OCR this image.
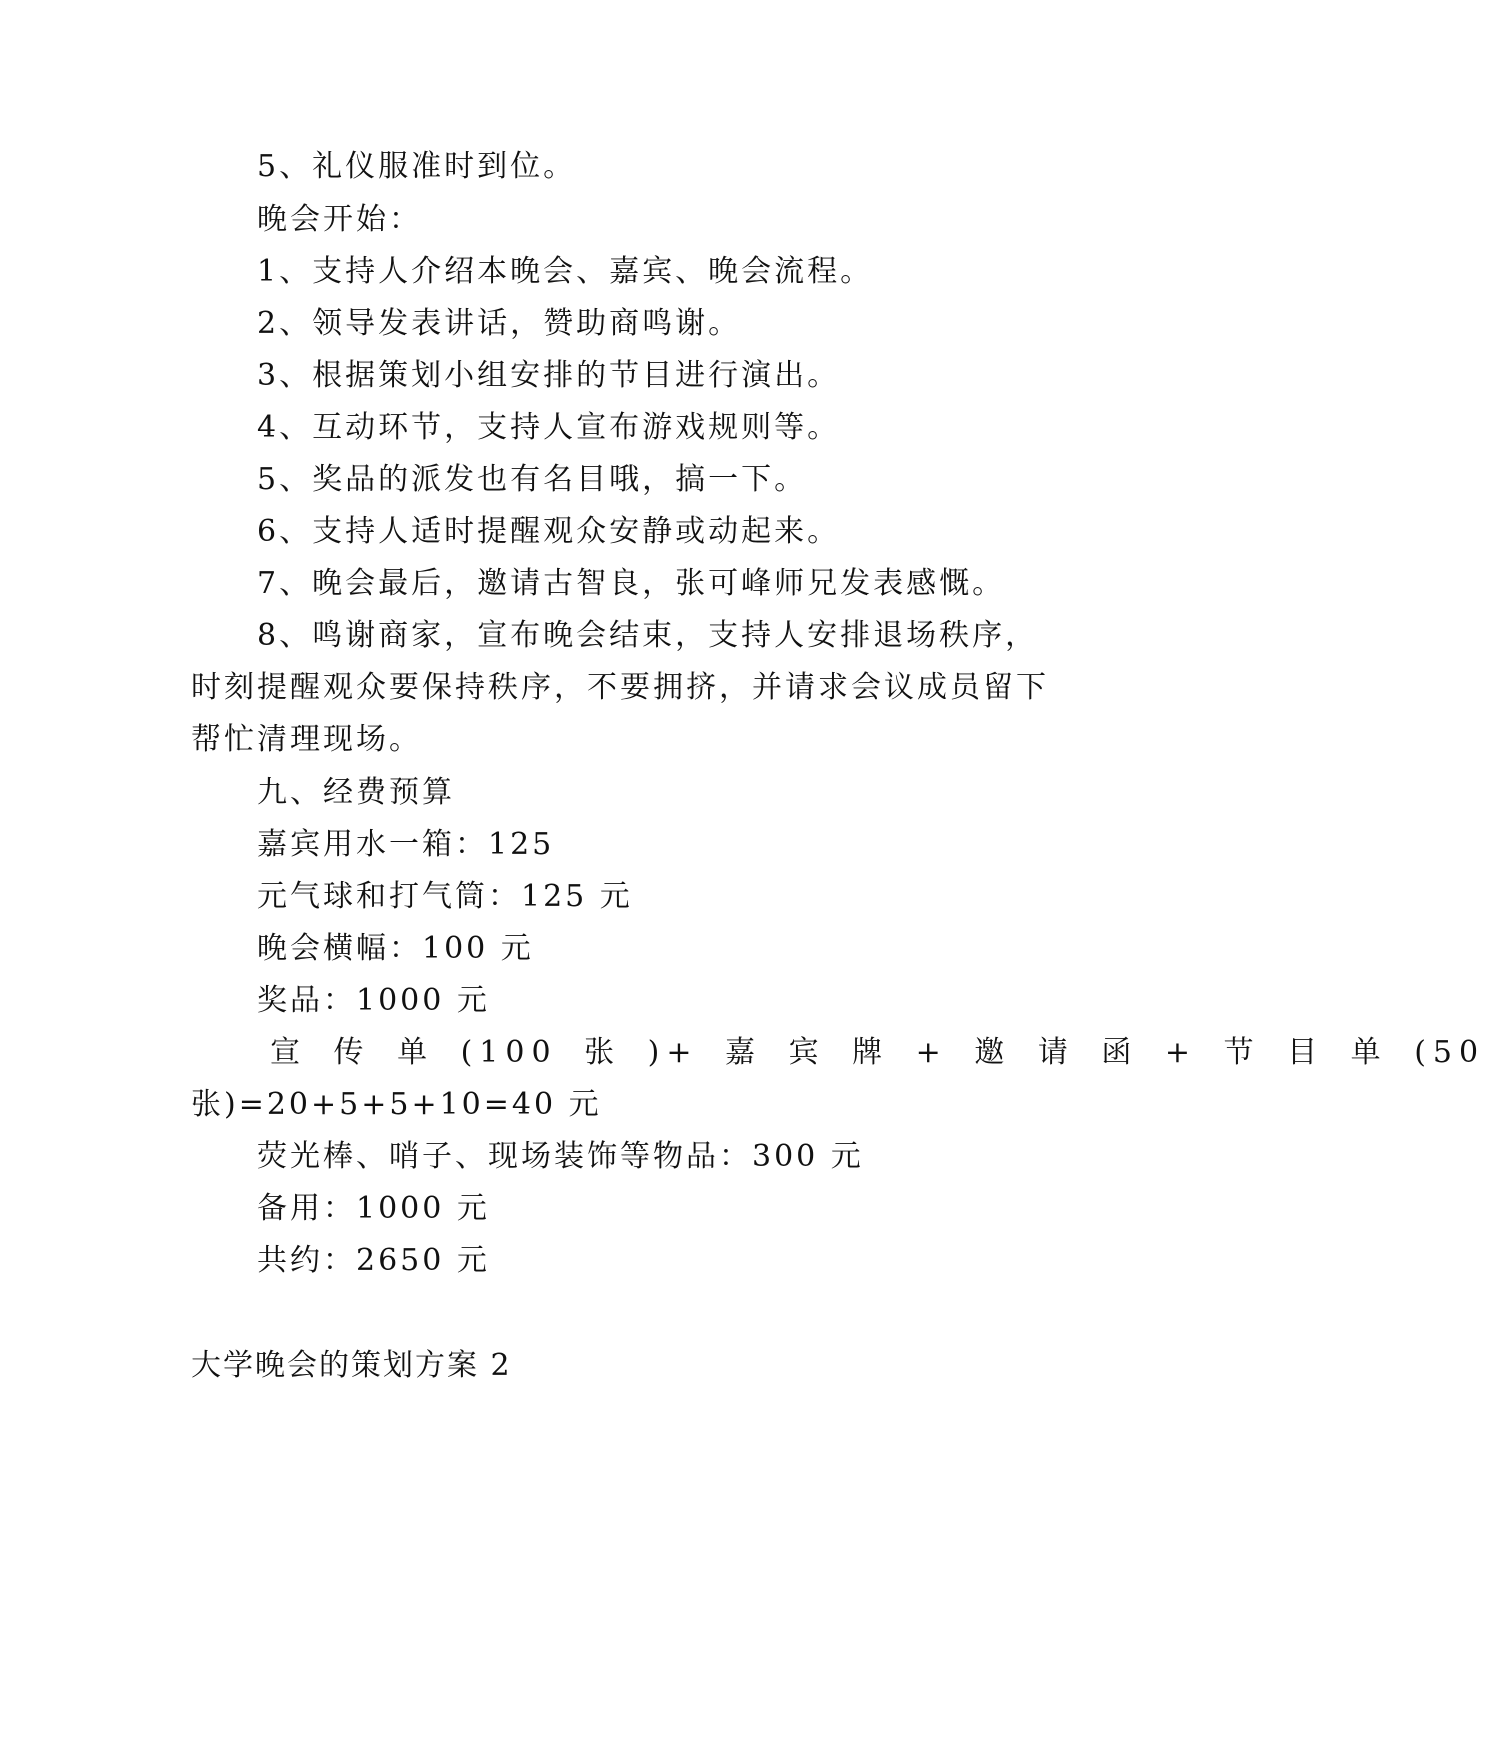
5、礼仪服准时到位。
晚会开始：
1、支持人介绍本晚会、嘉宾、晚会流程。
2、领导发表讲话，赞助商鸣谢。
3、根据策划小组安排的节目进行演出。
4、互动环节，支持人宣布游戏规则等。
5、奖品的派发也有名目哦，搞一下。
6、支持人适时提醒观众安静或动起来。
7、晚会最后，邀请古智良，张可峰师兄发表感慨。
8、鸣谢商家，宣布晚会结束，支持人安排退场秩序，
时刻提醒观众要保持秩序，不要拥挤，并请求会议成员留下
帮忙清理现场。
九、经费预算
嘉宾用水一箱：125
元气球和打气筒：125 元
晚会横幅：100 元
奖品：1000 元
宣 传 单 (100 张 )+ 嘉 宾 牌 + 邀 请 函 + 节 目 单 (50
张)=20+5+5+10=40 元
荧光棒、哨子、现场装饰等物品：300 元
备用：1000 元
共约：2650 元
大学晚会的策划方案 2
